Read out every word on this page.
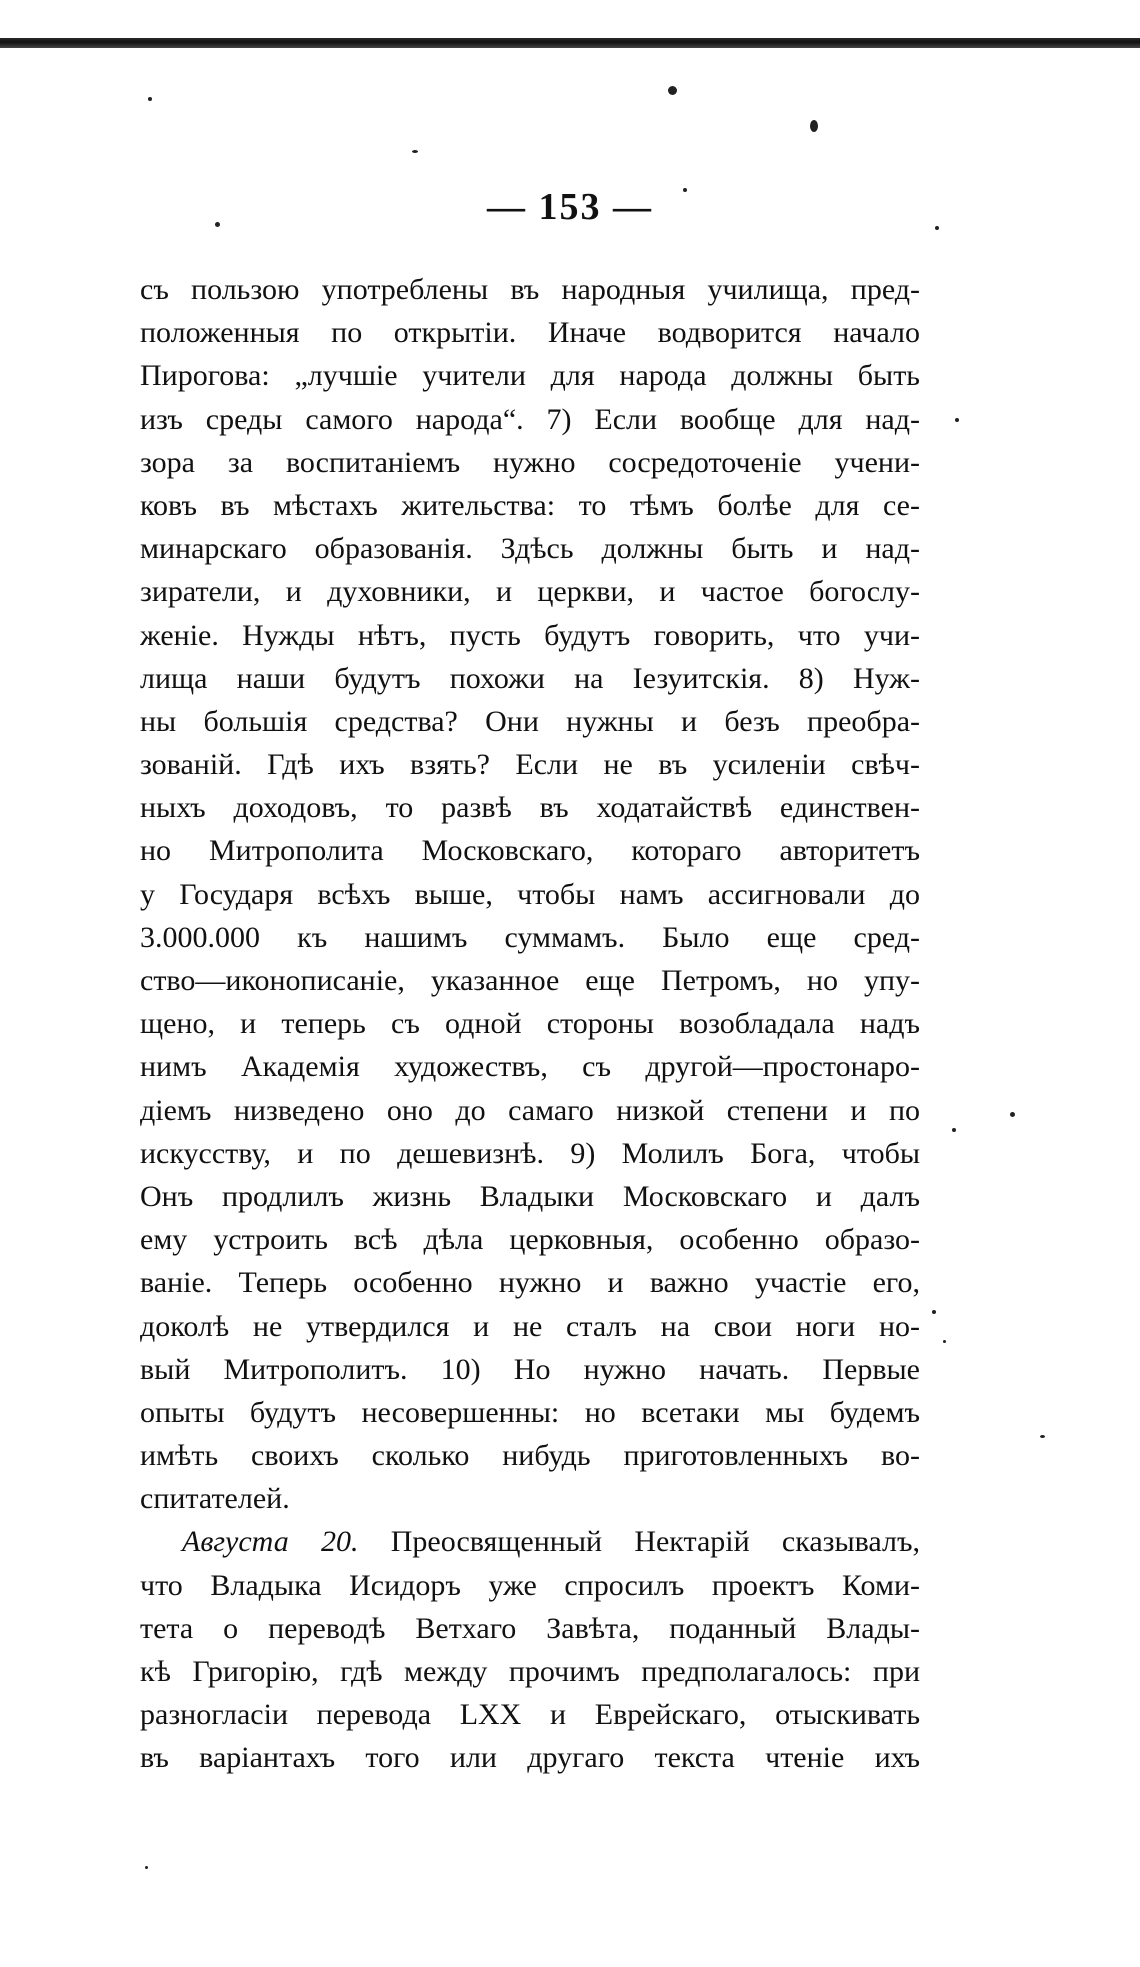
— 153 —
съ пользою употреблены въ народныя училища, пред-
положенныя по открытіи. Иначе водворится начало
Пирогова: „лучшіе учители для народа должны быть
изъ среды самого народа“. 7) Если вообще для над-
зора за воспитаніемъ нужно сосредоточеніе учени-
ковъ въ мѣстахъ жительства: то тѣмъ болѣе для се-
минарскаго образованія. Здѣсь должны быть и над-
зиратели, и духовники, и церкви, и частое богослу-
женіе. Нужды нѣтъ, пусть будутъ говорить, что учи-
лища наши будутъ похожи на Іезуитскія. 8) Нуж-
ны большія средства? Они нужны и безъ преобра-
зованій. Гдѣ ихъ взять? Если не въ усиленіи свѣч-
ныхъ доходовъ, то развѣ въ ходатайствѣ единствен-
но Митрополита Московскаго, котораго авторитетъ
у Государя всѣхъ выше, чтобы намъ ассигновали до
3.000.000 къ нашимъ суммамъ. Было еще сред-
ство—иконописаніе, указанное еще Петромъ, но упу-
щено, и теперь съ одной стороны возобладала надъ
нимъ Академія художествъ, съ другой—простонаро-
діемъ низведено оно до самаго низкой степени и по
искусству, и по дешевизнѣ. 9) Молилъ Бога, чтобы
Онъ продлилъ жизнь Владыки Московскаго и далъ
ему устроить всѣ дѣла церковныя, особенно образо-
ваніе. Теперь особенно нужно и важно участіе его,
доколѣ не утвердился и не сталъ на свои ноги но-
вый Митрополитъ. 10) Но нужно начать. Первые
опыты будутъ несовершенны: но всетаки мы будемъ
имѣть своихъ сколько нибудь приготовленныхъ во-
спитателей.
Августа 20. Преосвященный Нектарій сказывалъ,
что Владыка Исидоръ уже спросилъ проектъ Коми-
тета о переводѣ Ветхаго Завѣта, поданный Влады-
кѣ Григорію, гдѣ между прочимъ предполагалось: при
разногласіи перевода LXX и Еврейскаго, отыскивать
въ варіантахъ того или другаго текста чтеніе ихъ
